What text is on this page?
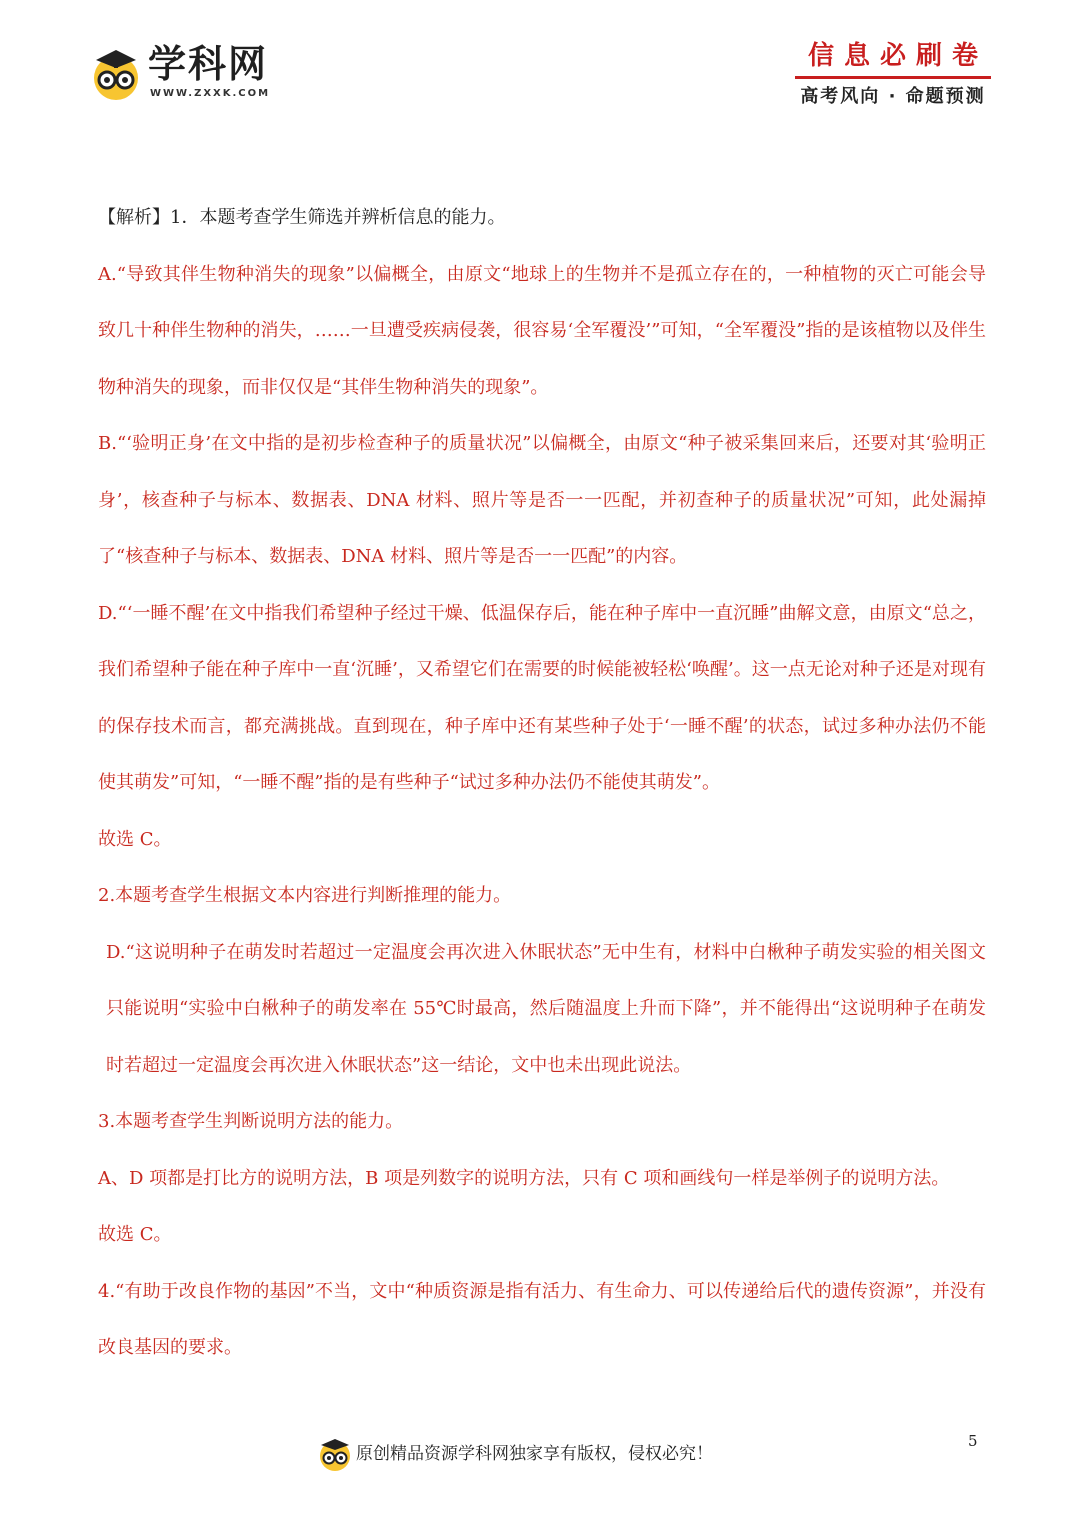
学科网
WWW.ZXXK.COM
信息必刷卷
高考风向 · 命题预测

【解析】1．本题考查学生筛选并辨析信息的能力。

A.“导致其伴生物种消失的现象”以偏概全，由原文“地球上的生物并不是孤立存在的，一种植物的灭亡可能会导致几十种伴生物种的消失，……一旦遭受疾病侵袭，很容易‘全军覆没’”可知，“全军覆没”指的是该植物以及伴生物种消失的现象，而非仅仅是“其伴生物种消失的现象”。

B.“‘验明正身’在文中指的是初步检查种子的质量状况”以偏概全，由原文“种子被采集回来后，还要对其‘验明正身’，核查种子与标本、数据表、DNA 材料、照片等是否一一匹配，并初查种子的质量状况”可知，此处漏掉了“核查种子与标本、数据表、DNA 材料、照片等是否一一匹配”的内容。

D.“‘一睡不醒’在文中指我们希望种子经过干燥、低温保存后，能在种子库中一直沉睡”曲解文意，由原文“总之，我们希望种子能在种子库中一直‘沉睡’，又希望它们在需要的时候能被轻松‘唤醒’。这一点无论对种子还是对现有的保存技术而言，都充满挑战。直到现在，种子库中还有某些种子处于‘一睡不醒’的状态，试过多种办法仍不能使其萌发”可知，“一睡不醒”指的是有些种子“试过多种办法仍不能使其萌发”。

故选 C。

2.本题考查学生根据文本内容进行判断推理的能力。

D.“这说明种子在萌发时若超过一定温度会再次进入休眠状态”无中生有，材料中白楸种子萌发实验的相关图文只能说明“实验中白楸种子的萌发率在 55℃时最高，然后随温度上升而下降”，并不能得出“这说明种子在萌发时若超过一定温度会再次进入休眠状态”这一结论，文中也未出现此说法。

3.本题考查学生判断说明方法的能力。

A、D 项都是打比方的说明方法，B 项是列数字的说明方法，只有 C 项和画线句一样是举例子的说明方法。

故选 C。

4.“有助于改良作物的基因”不当，文中“种质资源是指有活力、有生命力、可以传递给后代的遗传资源”，并没有改良基因的要求。

原创精品资源学科网独家享有版权，侵权必究！
5
